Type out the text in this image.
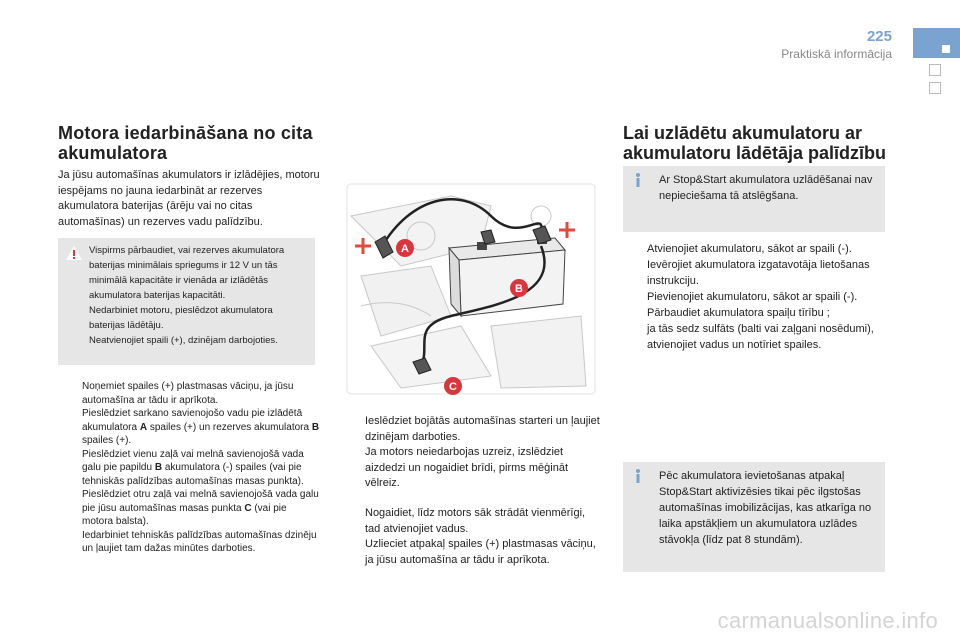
225
Praktiskā informācija
Motora iedarbināšana no cita akumulatora
Ja jūsu automašīnas akumulators ir izlādējies, motoru iespējams no jauna iedarbināt ar rezerves akumulatora baterijas (ārēju vai no citas automašīnas) un rezerves vadu palīdzību.
Vispirms pārbaudiet, vai rezerves akumulatora baterijas minimālais spriegums ir 12 V un tās minimālā kapacitāte ir vienāda ar izlādētās akumulatora baterijas kapacitāti.
Nedarbiniet motoru, pieslēdzot akumulatora baterijas lādētāju.
Neatvienojiet spaili (+), dzinējam darbojoties.
Noņemiet spailes (+) plastmasas vāciņu, ja jūsu automašīna ar tādu ir aprīkota.
Pieslēdziet sarkano savienojošo vadu pie izlādētā akumulatora A spailes (+) un rezerves akumulatora B spailes (+).
Pieslēdziet vienu zaļā vai melnā savienojošā vada galu pie papildu B akumulatora (-) spailes (vai pie tehniskās palīdzības automašīnas masas punkta).
Pieslēdziet otru zaļā vai melnā savienojošā vada galu pie jūsu automašīnas masas punkta C (vai pie motora balsta).
Iedarbiniet tehniskās palīdzības automašīnas dzinēju un ļaujiet tam dažas minūtes darboties.
A
B
C
Ieslēdziet bojātās automašīnas starteri un ļaujiet dzinējam darboties.
Ja motors neiedarbojas uzreiz, izslēdziet aizdedzi un nogaidiet brīdi, pirms mēģināt vēlreiz.
Nogaidiet, līdz motors sāk strādāt vienmērīgi, tad atvienojiet vadus.
Uzlieciet atpakaļ spailes (+) plastmasas vāciņu, ja jūsu automašīna ar tādu ir aprīkota.
Lai uzlādētu akumulatoru ar akumulatoru lādētāja palīdzību
Ar Stop&Start akumulatora uzlādēšanai nav nepieciešama tā atslēgšana.
Atvienojiet akumulatoru, sākot ar spaili (-).
Ievērojiet akumulatora izgatavotāja lietošanas instrukciju.
Pievienojiet akumulatoru, sākot ar spaili (-).
Pārbaudiet akumulatora spaiļu tīrību ;
ja tās sedz sulfāts (balti vai zaļgani nosēdumi), atvienojiet vadus un notīriet spailes.
Pēc akumulatora ievietošanas atpakaļ Stop&Start aktivizēsies tikai pēc ilgstošas automašīnas imobilizācijas, kas atkarīga no laika apstākļiem un akumulatora uzlādes stāvokļa (līdz pat 8 stundām).
carmanualsonline.info
